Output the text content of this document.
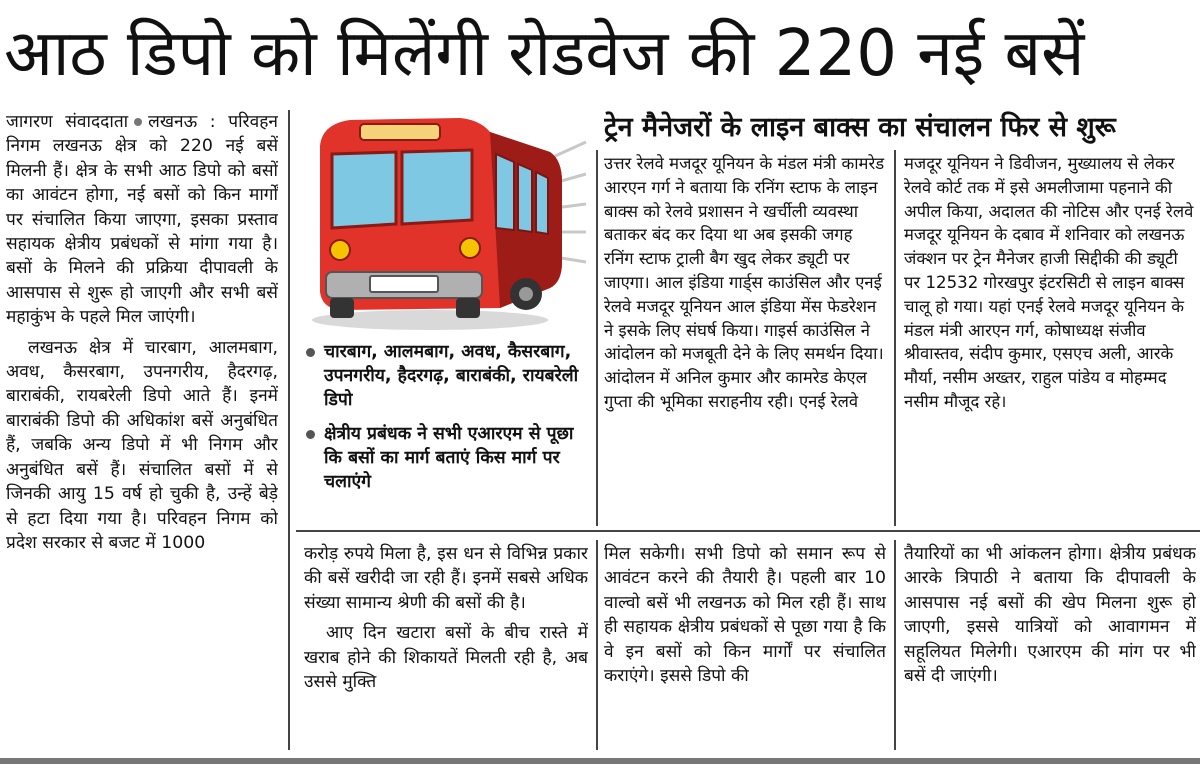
आठ डिपो को मिलेंगी रोडवेज की 220 नई बसें

जागरण संवाददाता लखनऊ : परिवहन निगम लखनऊ क्षेत्र को 220 नई बसें मिलनी हैं। क्षेत्र के सभी आठ डिपो को बसों का आवंटन होगा, नई बसों को किन मार्गों पर संचालित किया जाएगा, इसका प्रस्ताव सहायक क्षेत्रीय प्रबंधकों से मांगा गया है। बसों के मिलने की प्रक्रिया दीपावली के आसपास से शुरू हो जाएगी और सभी बसें महाकुंभ के पहले मिल जाएंगी।

लखनऊ क्षेत्र में चारबाग, आलमबाग, अवध, कैसरबाग, उपनगरीय, हैदरगढ़, बाराबंकी, रायबरेली डिपो आते हैं। इनमें बाराबंकी डिपो की अधिकांश बसें अनुबंधित हैं, जबकि अन्य डिपो में भी निगम और अनुबंधित बसें हैं। संचालित बसों में से जिनकी आयु 15 वर्ष हो चुकी है, उन्हें बेड़े से हटा दिया गया है। परिवहन निगम को प्रदेश सरकार से बजट में 1000

चारबाग, आलमबाग, अवध, कैसरबाग, उपनगरीय, हैदरगढ़, बाराबंकी, रायबरेली डिपो
क्षेत्रीय प्रबंधक ने सभी एआरएम से पूछा कि बसों का मार्ग बताएं किस मार्ग पर चलाएंगे
ट्रेन मैनेजरों के लाइन बाक्स का संचालन फिर से शुरू
उत्तर रेलवे मजदूर यूनियन के मंडल मंत्री कामरेड आरएन गर्ग ने बताया कि रनिंग स्टाफ के लाइन बाक्स को रेलवे प्रशासन ने खर्चीली व्यवस्था बताकर बंद कर दिया था अब इसकी जगह रनिंग स्टाफ ट्राली बैग खुद लेकर ड्यूटी पर जाएगा। आल इंडिया गार्ड्स काउंसिल और एनई रेलवे मजदूर यूनियन आल इंडिया मेंस फेडरेशन ने इसके लिए संघर्ष किया। गाइर्स काउंसिल ने आंदोलन को मजबूती देने के लिए समर्थन दिया। आंदोलन में अनिल कुमार और कामरेड केएल गुप्ता की भूमिका सराहनीय रही। एनई रेलवे
मजदूर यूनियन ने डिवीजन, मुख्यालय से लेकर रेलवे कोर्ट तक में इसे अमलीजामा पहनाने की अपील किया, अदालत की नोटिस और एनई रेलवे मजदूर यूनियन के दबाव में शनिवार को लखनऊ जंक्शन पर ट्रेन मैनेजर हाजी सिद्दीकी की ड्यूटी पर 12532 गोरखपुर इंटरसिटी से लाइन बाक्स चालू हो गया। यहां एनई रेलवे मजदूर यूनियन के मंडल मंत्री आरएन गर्ग, कोषाध्यक्ष संजीव श्रीवास्तव, संदीप कुमार, एसएच अली, आरके मौर्या, नसीम अख्तर, राहुल पांडेय व मोहम्मद नसीम मौजूद रहे।

करोड़ रुपये मिला है, इस धन से विभिन्न प्रकार की बसें खरीदी जा रही हैं। इनमें सबसे अधिक संख्या सामान्य श्रेणी की बसों की है।

आए दिन खटारा बसों के बीच रास्ते में खराब होने की शिकायतें मिलती रही है, अब उससे मुक्ति

मिल सकेगी। सभी डिपो को समान रूप से आवंटन करने की तैयारी है। पहली बार 10 वाल्वो बसें भी लखनऊ को मिल रही हैं। साथ ही सहायक क्षेत्रीय प्रबंधकों से पूछा गया है कि वे इन बसों को किन मार्गों पर संचालित कराएंगे। इससे डिपो की
तैयारियों का भी आंकलन होगा। क्षेत्रीय प्रबंधक आरके त्रिपाठी ने बताया कि दीपावली के आसपास नई बसों की खेप मिलना शुरू हो जाएगी, इससे यात्रियों को आवागमन में सहूलियत मिलेगी। एआरएम की मांग पर भी बसें दी जाएंगी।
